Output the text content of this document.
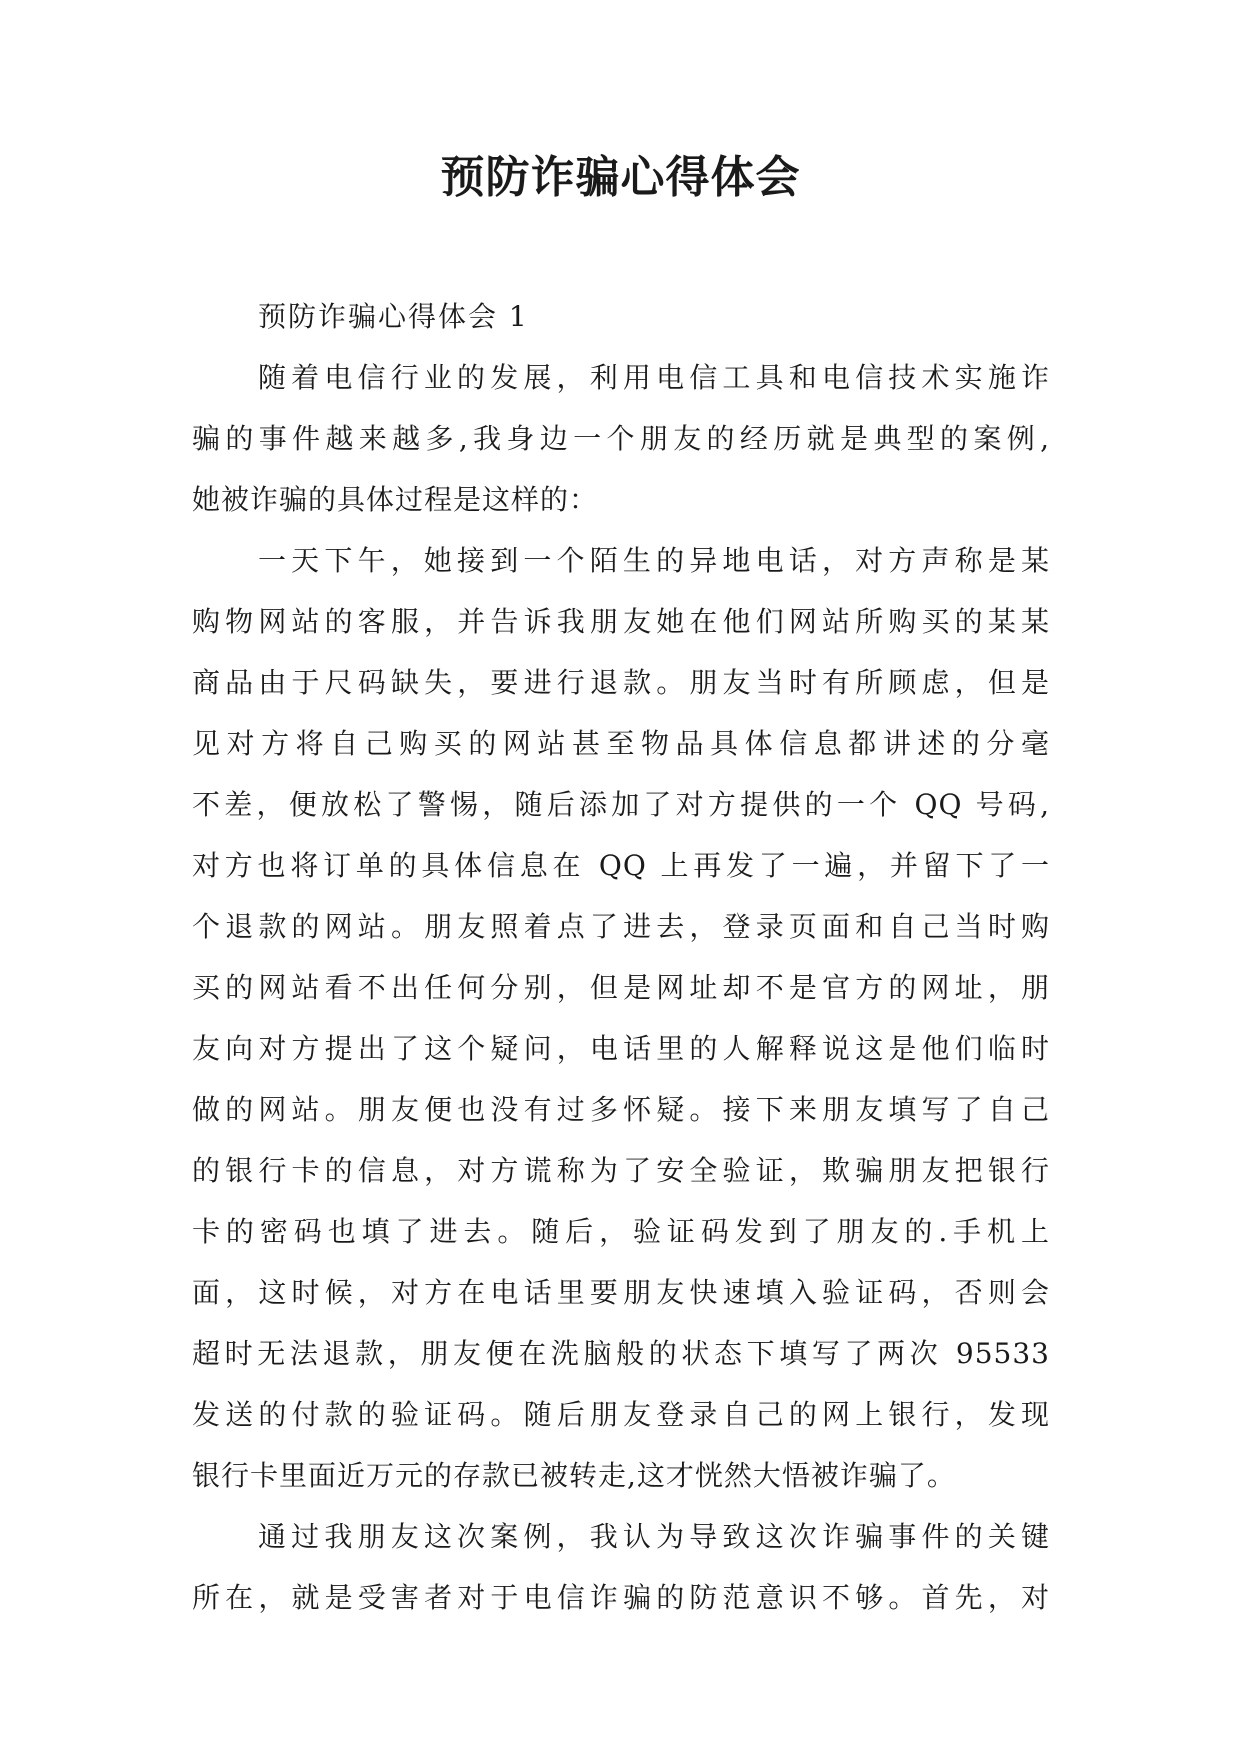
预防诈骗心得体会

预防诈骗心得体会 1

随着电信行业的发展，利用电信工具和电信技术实施诈
骗的事件越来越多,我身边一个朋友的经历就是典型的案例,
她被诈骗的具体过程是这样的：
一天下午，她接到一个陌生的异地电话，对方声称是某
购物网站的客服，并告诉我朋友她在他们网站所购买的某某
商品由于尺码缺失，要进行退款。朋友当时有所顾虑，但是
见对方将自己购买的网站甚至物品具体信息都讲述的分毫
不差，便放松了警惕，随后添加了对方提供的一个 QQ 号码,
对方也将订单的具体信息在 QQ 上再发了一遍，并留下了一
个退款的网站。朋友照着点了进去，登录页面和自己当时购
买的网站看不出任何分别，但是网址却不是官方的网址，朋
友向对方提出了这个疑问，电话里的人解释说这是他们临时
做的网站。朋友便也没有过多怀疑。接下来朋友填写了自己
的银行卡的信息，对方谎称为了安全验证，欺骗朋友把银行
卡的密码也填了进去。随后，验证码发到了朋友的.手机上
面，这时候，对方在电话里要朋友快速填入验证码，否则会
超时无法退款，朋友便在洗脑般的状态下填写了两次 95533
发送的付款的验证码。随后朋友登录自己的网上银行，发现
银行卡里面近万元的存款已被转走,这才恍然大悟被诈骗了。
通过我朋友这次案例，我认为导致这次诈骗事件的关键
所在，就是受害者对于电信诈骗的防范意识不够。首先，对
